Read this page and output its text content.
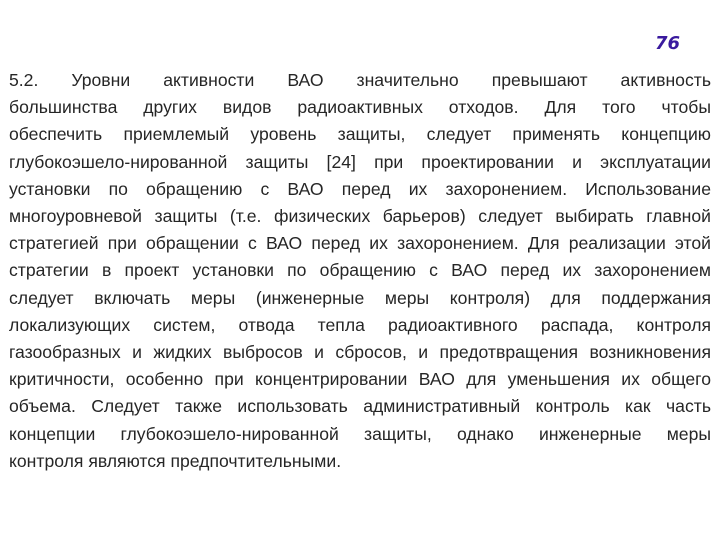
76
5.2. Уровни активности ВАО значительно превышают активность
большинства других видов радиоактивных отходов. Для того чтобы
обеспечить приемлемый уровень защиты, следует применять концепцию
глубокоэшело-нированной защиты [24] при проектировании и эксплуатации
установки по обращению с ВАО перед их захоронением. Использование
многоуровневой защиты (т.е. физических барьеров) следует выбирать главной
стратегией при обращении с ВАО перед их захоронением. Для реализации этой
стратегии в проект установки по обращению с ВАО перед их захоронением
следует включать меры (инженерные меры контроля) для поддержания
локализующих систем, отвода тепла радиоактивного распада, контроля
газообразных и жидких выбросов и сбросов, и предотвращения возникновения
критичности, особенно при концентрировании ВАО для уменьшения их общего
объема. Следует также использовать административный контроль как часть
концепции глубокоэшело-нированной защиты, однако инженерные меры
контроля являются предпочтительными.
